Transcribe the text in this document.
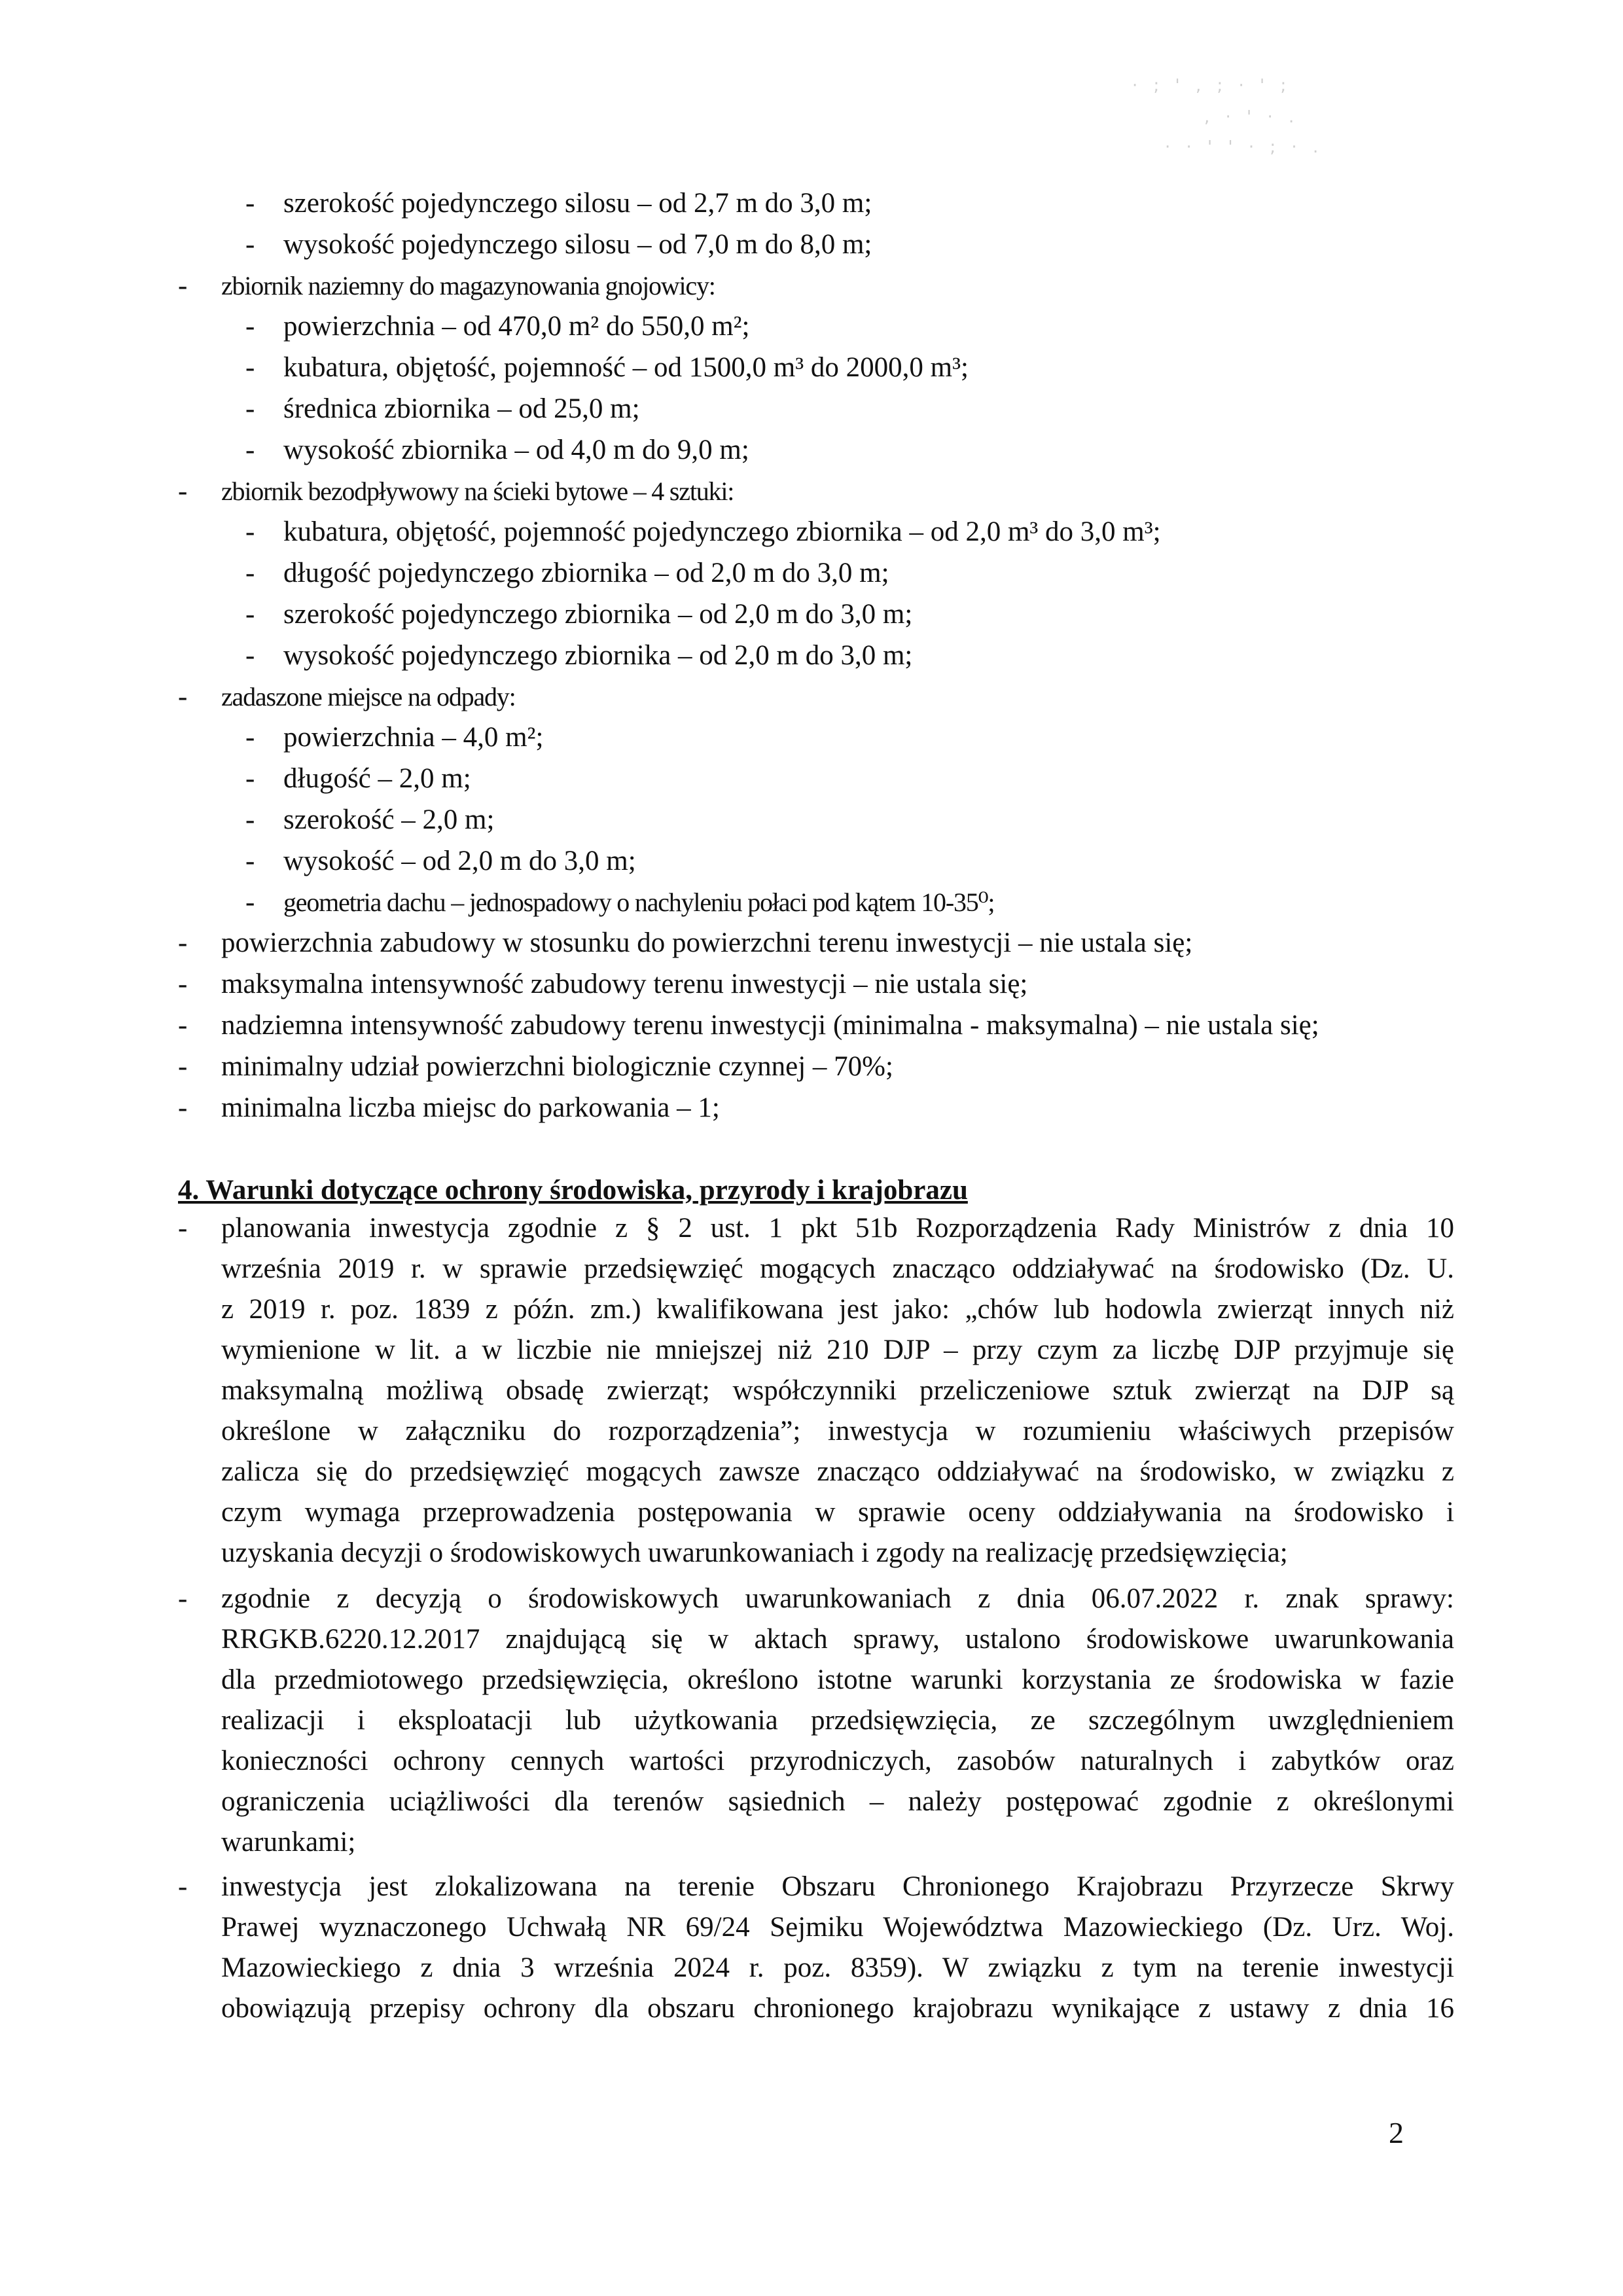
· ; ' , ; · ' ;
, · ' · .
· · ' ' · ; · .
- szerokość pojedynczego silosu – od 2,7 m do 3,0 m;
- wysokość pojedynczego silosu – od 7,0 m do 8,0 m;
- zbiornik naziemny do magazynowania gnojowicy:
- powierzchnia – od 470,0 m² do 550,0 m²;
- kubatura, objętość, pojemność – od 1500,0 m³ do 2000,0 m³;
- średnica zbiornika – od 25,0 m;
- wysokość zbiornika – od 4,0 m do 9,0 m;
- zbiornik bezodpływowy na ścieki bytowe – 4 sztuki:
- kubatura, objętość, pojemność pojedynczego zbiornika – od 2,0 m³ do 3,0 m³;
- długość pojedynczego zbiornika – od 2,0 m do 3,0 m;
- szerokość pojedynczego zbiornika – od 2,0 m do 3,0 m;
- wysokość pojedynczego zbiornika – od 2,0 m do 3,0 m;
- zadaszone miejsce na odpady:
- powierzchnia – 4,0 m²;
- długość – 2,0 m;
- szerokość – 2,0 m;
- wysokość – od 2,0 m do 3,0 m;
- geometria dachu – jednospadowy o nachyleniu połaci pod kątem 10-35⁰;
- powierzchnia zabudowy w stosunku do powierzchni terenu inwestycji – nie ustala się;
- maksymalna intensywność zabudowy terenu inwestycji – nie ustala się;
- nadziemna intensywność zabudowy terenu inwestycji (minimalna - maksymalna) – nie ustala się;
- minimalny udział powierzchni biologicznie czynnej – 70%;
- minimalna liczba miejsc do parkowania – 1;
4. Warunki dotyczące ochrony środowiska, przyrody i krajobrazu
- planowania inwestycja zgodnie z § 2 ust. 1 pkt 51b Rozporządzenia Rady Ministrów z dnia 10
września 2019 r. w sprawie przedsięwzięć mogących znacząco oddziaływać na środowisko (Dz. U.
z 2019 r. poz. 1839 z późn. zm.) kwalifikowana jest jako: „chów lub hodowla zwierząt innych niż
wymienione w lit. a w liczbie nie mniejszej niż 210 DJP – przy czym za liczbę DJP przyjmuje się
maksymalną możliwą obsadę zwierząt; współczynniki przeliczeniowe sztuk zwierząt na DJP są
określone w załączniku do rozporządzenia”; inwestycja w rozumieniu właściwych przepisów
zalicza się do przedsięwzięć mogących zawsze znacząco oddziaływać na środowisko, w związku z
czym wymaga przeprowadzenia postępowania w sprawie oceny oddziaływania na środowisko i
uzyskania decyzji o środowiskowych uwarunkowaniach i zgody na realizację przedsięwzięcia;
- zgodnie z decyzją o środowiskowych uwarunkowaniach z dnia 06.07.2022 r. znak sprawy:
RRGKB.6220.12.2017 znajdującą się w aktach sprawy, ustalono środowiskowe uwarunkowania
dla przedmiotowego przedsięwzięcia, określono istotne warunki korzystania ze środowiska w fazie
realizacji i eksploatacji lub użytkowania przedsięwzięcia, ze szczególnym uwzględnieniem
konieczności ochrony cennych wartości przyrodniczych, zasobów naturalnych i zabytków oraz
ograniczenia uciążliwości dla terenów sąsiednich – należy postępować zgodnie z określonymi
warunkami;
- inwestycja jest zlokalizowana na terenie Obszaru Chronionego Krajobrazu Przyrzecze Skrwy
Prawej wyznaczonego Uchwałą NR 69/24 Sejmiku Województwa Mazowieckiego (Dz. Urz. Woj.
Mazowieckiego z dnia 3 września 2024 r. poz. 8359). W związku z tym na terenie inwestycji
obowiązują przepisy ochrony dla obszaru chronionego krajobrazu wynikające z ustawy z dnia 16
2
